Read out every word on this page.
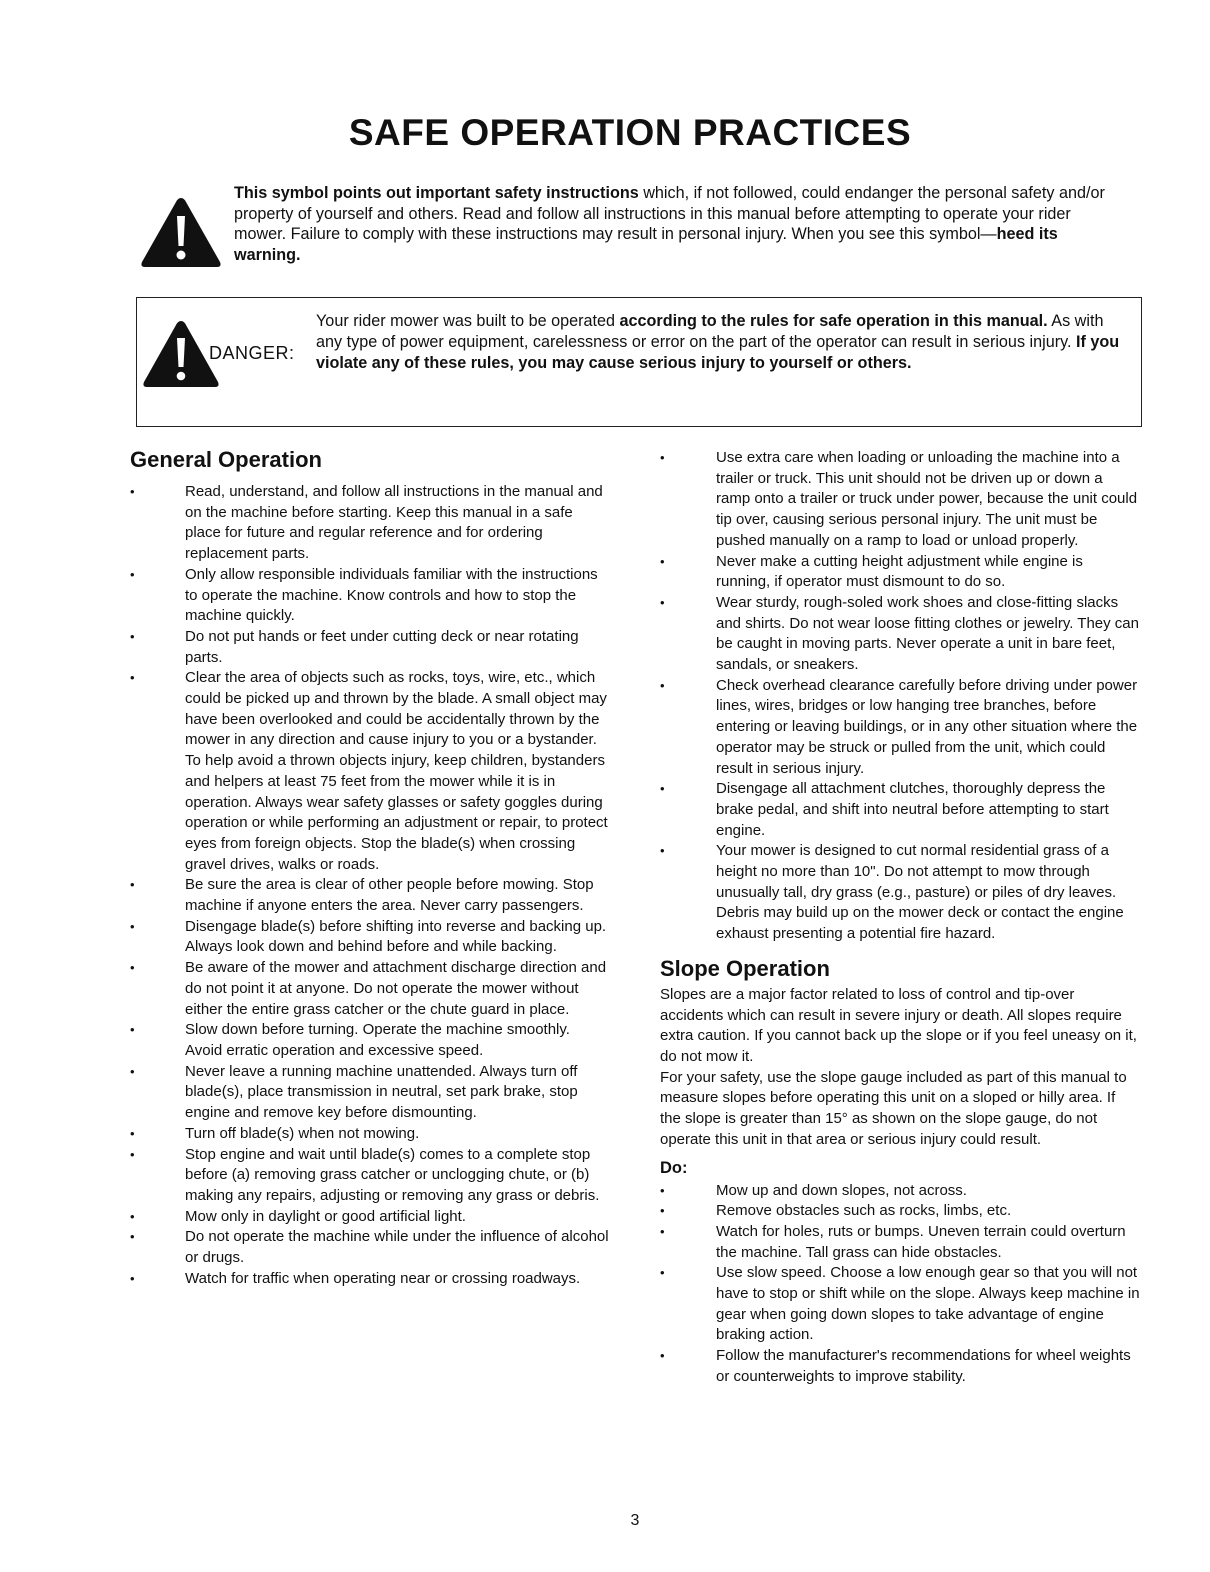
SAFE OPERATION PRACTICES
This symbol points out important safety instructions which, if not followed, could endanger the personal safety and/or property of yourself and others. Read and follow all instructions in this manual before attempting to operate your rider mower. Failure to comply with these instructions may result in personal injury. When you see this symbol—heed its warning.
DANGER:
Your rider mower was built to be operated according to the rules for safe operation in this manual. As with any type of power equipment, carelessness or error on the part of the operator can result in serious injury. If you violate any of these rules, you may cause serious injury to yourself or others.
General Operation
•	Read, understand, and follow all instructions in the manual and on the machine before starting. Keep this manual in a safe place for future and regular reference and for ordering replacement parts.
•	Only allow responsible individuals familiar with the instructions to operate the machine. Know controls and how to stop the machine quickly.
•	Do not put hands or feet under cutting deck or near rotating parts.
•	Clear the area of objects such as rocks, toys, wire, etc., which could be picked up and thrown by the blade. A small object may have been overlooked and could be accidentally thrown by the mower in any direction and cause injury to you or a bystander. To help avoid a thrown objects injury, keep children, bystanders and helpers at least 75 feet from the mower while it is in operation. Always wear safety glasses or safety goggles during operation or while performing an adjustment or repair, to protect eyes from foreign objects. Stop the blade(s) when crossing gravel drives, walks or roads.
•	Be sure the area is clear of other people before mowing. Stop machine if anyone enters the area. Never carry passengers.
•	Disengage blade(s) before shifting into reverse and backing up. Always look down and behind before and while backing.
•	Be aware of the mower and attachment discharge direction and do not point it at anyone. Do not operate the mower without either the entire grass catcher or the chute guard in place.
•	Slow down before turning. Operate the machine smoothly. Avoid erratic operation and excessive speed.
•	Never leave a running machine unattended. Always turn off blade(s), place transmission in neutral, set park brake, stop engine and remove key before dismounting.
•	Turn off blade(s) when not mowing.
•	Stop engine and wait until blade(s) comes to a complete stop before (a) removing grass catcher or unclogging chute, or (b) making any repairs, adjusting or removing any grass or debris.
•	Mow only in daylight or good artificial light.
•	Do not operate the machine while under the influence of alcohol or drugs.
•	Watch for traffic when operating near or crossing roadways.
•	Use extra care when loading or unloading the machine into a trailer or truck. This unit should not be driven up or down a ramp onto a trailer or truck under power, because the unit could tip over, causing serious personal injury. The unit must be pushed manually on a ramp to load or unload properly.
•	Never make a cutting height adjustment while engine is running, if operator must dismount to do so.
•	Wear sturdy, rough-soled work shoes and close-fitting slacks and shirts. Do not wear loose fitting clothes or jewelry. They can be caught in moving parts. Never operate a unit in bare feet, sandals, or sneakers.
•	Check overhead clearance carefully before driving under power lines, wires, bridges or low hanging tree branches, before entering or leaving buildings, or in any other situation where the operator may be struck or pulled from the unit, which could result in serious injury.
•	Disengage all attachment clutches, thoroughly depress the brake pedal, and shift into neutral before attempting to start engine.
•	Your mower is designed to cut normal residential grass of a height no more than 10". Do not attempt to mow through unusually tall, dry grass (e.g., pasture) or piles of dry leaves. Debris may build up on the mower deck or contact the engine exhaust presenting a potential fire hazard.
Slope Operation

Slopes are a major factor related to loss of control and tip-over accidents which can result in severe injury or death. All slopes require extra caution. If you cannot back up the slope or if you feel uneasy on it, do not mow it.

For your safety, use the slope gauge included as part of this manual to measure slopes before operating this unit on a sloped or hilly area. If the slope is greater than 15° as shown on the slope gauge, do not operate this unit in that area or serious injury could result.

Do:
•	Mow up and down slopes, not across.
•	Remove obstacles such as rocks, limbs, etc.
•	Watch for holes, ruts or bumps. Uneven terrain could overturn the machine. Tall grass can hide obstacles.
•	Use slow speed. Choose a low enough gear so that you will not have to stop or shift while on the slope. Always keep machine in gear when going down slopes to take advantage of engine braking action.
•	Follow the manufacturer's recommendations for wheel weights or counterweights to improve stability.
3
